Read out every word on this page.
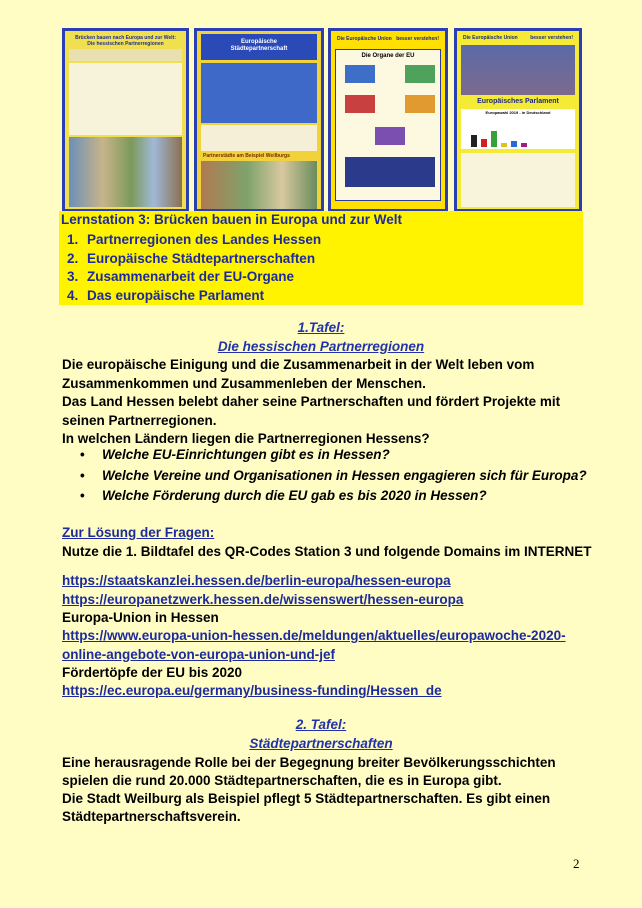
Brücken bauen nach Europa und zur Welt:
Die hessischen Partnerregionen	Europäische
Städtepartnerschaft
Partnerstädte am Beispiel Weilburgs
Die Europäische Union besser verstehen!
Die Organe der EU
Die Europäische Union	besser verstehen!
Europäisches Parlament
Europawahl 2019 - in Deutschland
Lernstation 3: Brücken bauen in Europa und zur Welt
1. Partnerregionen des Landes Hessen
2. Europäische Städtepartnerschaften
3. Zusammenarbeit der EU-Organe
4. Das europäische Parlament
1.Tafel:
Die hessischen Partnerregionen
Die europäische Einigung und die Zusammenarbeit in der Welt leben vom
Zusammenkommen und Zusammenleben der Menschen.
Das Land Hessen belebt daher seine Partnerschaften und fördert Projekte mit
seinen Partnerregionen.
In welchen Ländern liegen die Partnerregionen Hessens?
• Welche EU-Einrichtungen gibt es in Hessen?
• Welche Vereine und Organisationen in Hessen engagieren sich für Europa?
• Welche Förderung durch die EU gab es bis 2020 in Hessen?
Zur Lösung der Fragen:
Nutze die 1. Bildtafel des QR-Codes Station 3 und folgende Domains im INTERNET
https://staatskanzlei.hessen.de/berlin-europa/hessen-europa
https://europanetzwerk.hessen.de/wissenswert/hessen-europa
Europa-Union in Hessen
https://www.europa-union-hessen.de/meldungen/aktuelles/europawoche-2020-
online-angebote-von-europa-union-und-jef
Fördertöpfe der EU bis 2020
https://ec.europa.eu/germany/business-funding/Hessen_de
2. Tafel:
Städtepartnerschaften
Eine herausragende Rolle bei der Begegnung breiter Bevölkerungsschichten
spielen die rund 20.000 Städtepartnerschaften, die es in Europa gibt.
Die Stadt Weilburg als Beispiel pflegt 5 Städtepartnerschaften. Es gibt einen
Städtepartnerschaftsverein.
2
